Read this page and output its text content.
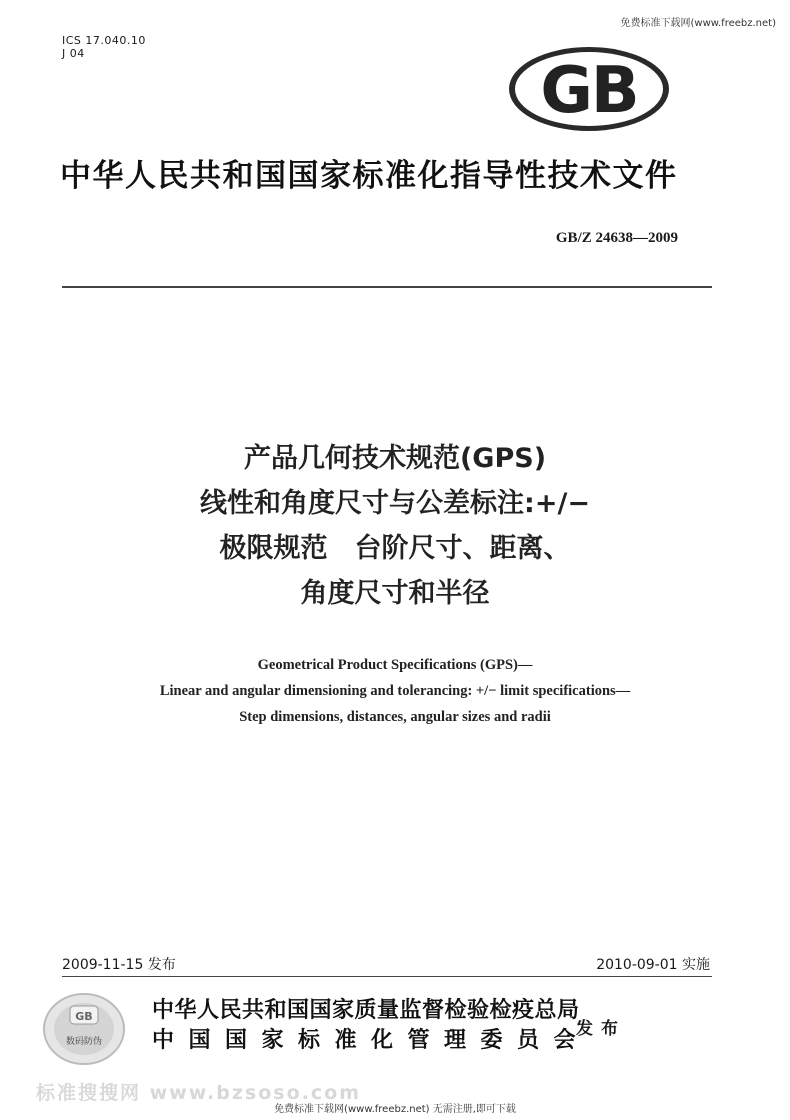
免费标准下载网(www.freebz.net)
ICS 17.040.10
J 04
GB
中华人民共和国国家标准化指导性技术文件
GB/Z 24638—2009
产品几何技术规范(GPS)
线性和角度尺寸与公差标注:+/−
极限规范　台阶尺寸、距离、
角度尺寸和半径
Geometrical Product Specifications (GPS)—
Linear and angular dimensioning and tolerancing: +/− limit specifications—
Step dimensions, distances, angular sizes and radii
2009-11-15 发布	2010-09-01 实施
GB
数码防伪
中华人民共和国国家质量监督检验检疫总局
中国国家标准化管理委员会
发布
标准搜搜网 www.bzsoso.com
免费标准下载网(www.freebz.net) 无需注册,即可下载
